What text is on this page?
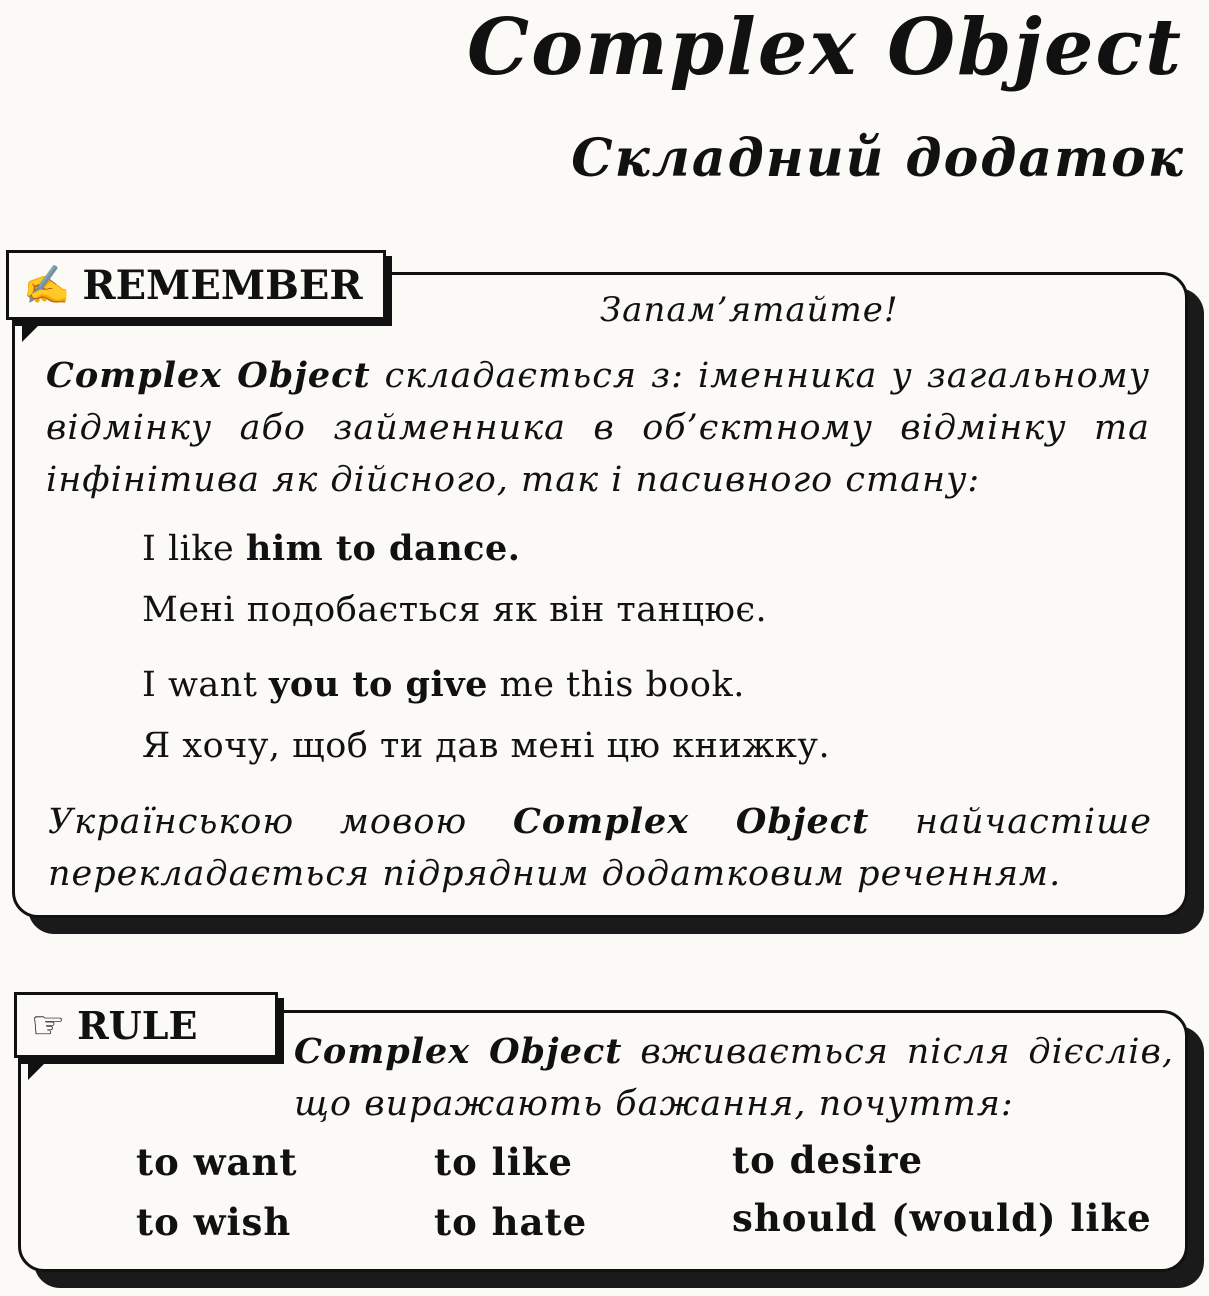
Complex Object
Складний додаток
✍ REMEMBER

Запам’ятайте!

Complex Object складається з: іменника у загальному відмінку або займенника в об’єктному відмінку та інфінітива як дійсного, так і пасивного стану:

I like him to dance.

Мені подобається як він танцює.

I want you to give me this book.

Я хочу, щоб ти дав мені цю книжку.

Українською мовою Complex Object найчастіше перекладається підрядним додатковим реченням.

☞ RULE

Complex Object вживається після дієслів, що виражають бажання, почуття:

to want	to like	to desire

to wish	to hate	should (would) like
